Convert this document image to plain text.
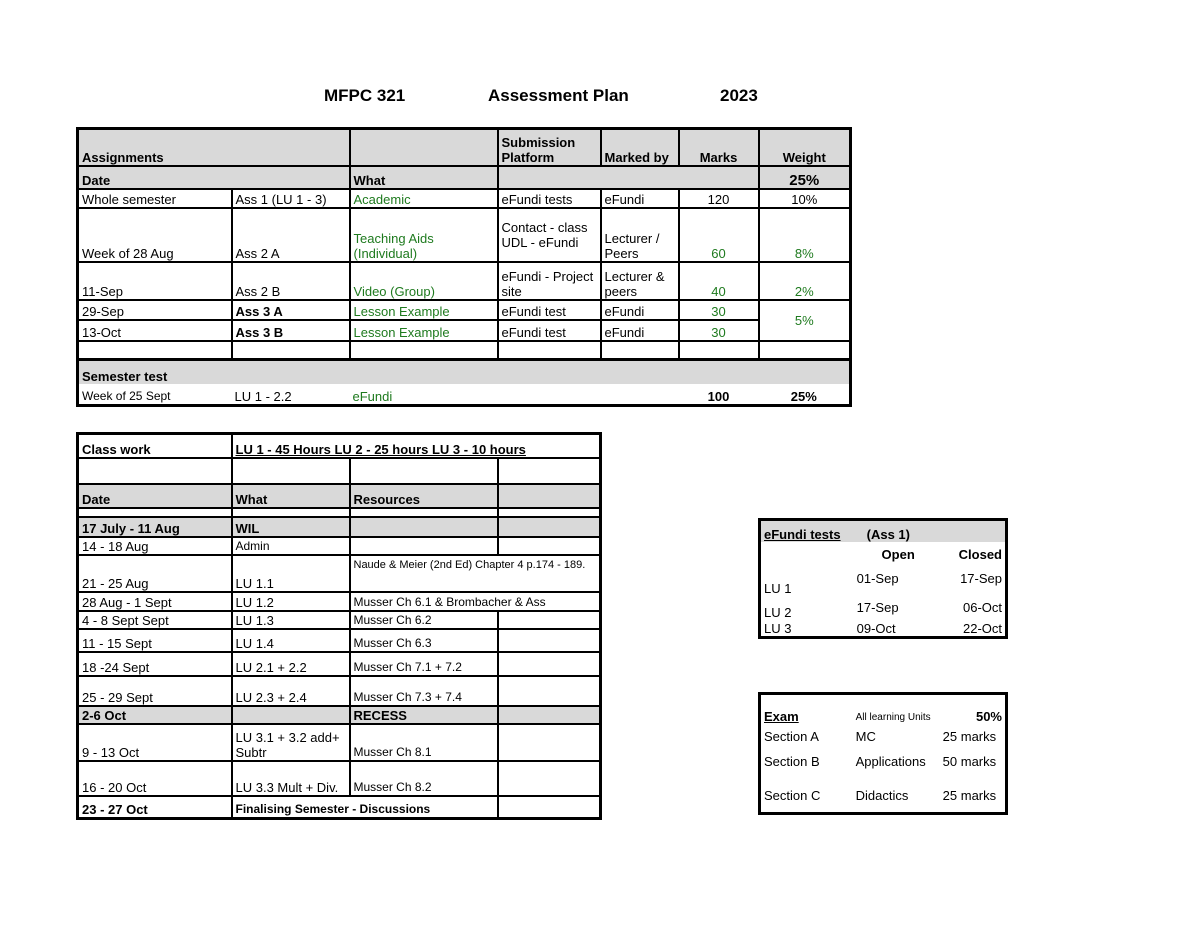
MFPC 321	Assessment Plan	2023
Assignments			Submission Platform	Marked by	Marks	Weight
Date		What				25%
Whole semester	Ass 1 (LU 1 - 3)	Academic	eFundi tests	eFundi	120	10%
Week of 28 Aug	Ass 2 A	Teaching Aids (Individual)	Contact - class UDL - eFundi	Lecturer / Peers	60	8%
11-Sep	Ass 2 B	Video (Group)	eFundi - Project site	Lecturer & peers	40	2%
29-Sep	Ass 3 A	Lesson Example	eFundi test	eFundi	30	5%
13-Oct	Ass 3 B	Lesson Example	eFundi test	eFundi	30	

Semester test						
Week of 25 Sept	LU 1 - 2.2	eFundi			100	25%
Class work	LU 1 - 45 Hours LU 2 - 25 hours LU 3 - 10 hours		

Date	What	Resources	

17 July - 11 Aug	WIL		
14 - 18 Aug	Admin		
21 - 25 Aug	LU 1.1	Naude & Meier (2nd Ed) Chapter 4 p.174 - 189.	
28 Aug - 1 Sept	LU 1.2	Musser Ch 6.1 & Brombacher & Ass	
4 - 8 Sept Sept	LU 1.3	Musser Ch 6.2	
11 - 15 Sept	LU 1.4	Musser Ch 6.3	
18 -24 Sept	LU 2.1 + 2.2	Musser Ch 7.1 + 7.2	
25 - 29 Sept	LU 2.3 + 2.4	Musser Ch 7.3 + 7.4	
2-6 Oct		RECESS	
9 - 13 Oct	LU 3.1 + 3.2 add+ Subtr	Musser Ch 8.1	
16 - 20 Oct	LU 3.3 Mult + Div.	Musser Ch 8.2	
23 - 27 Oct	Finalising Semester - Discussions		
eFundi tests	(Ass 1)	
	Open	Closed
LU 1	01-Sep	17-Sep
LU 2	17-Sep	06-Oct
LU 3	09-Oct	22-Oct
Exam	All learning Units	50%
Section A	MC	25 marks
Section B	Applications	50 marks
Section C	Didactics	25 marks
